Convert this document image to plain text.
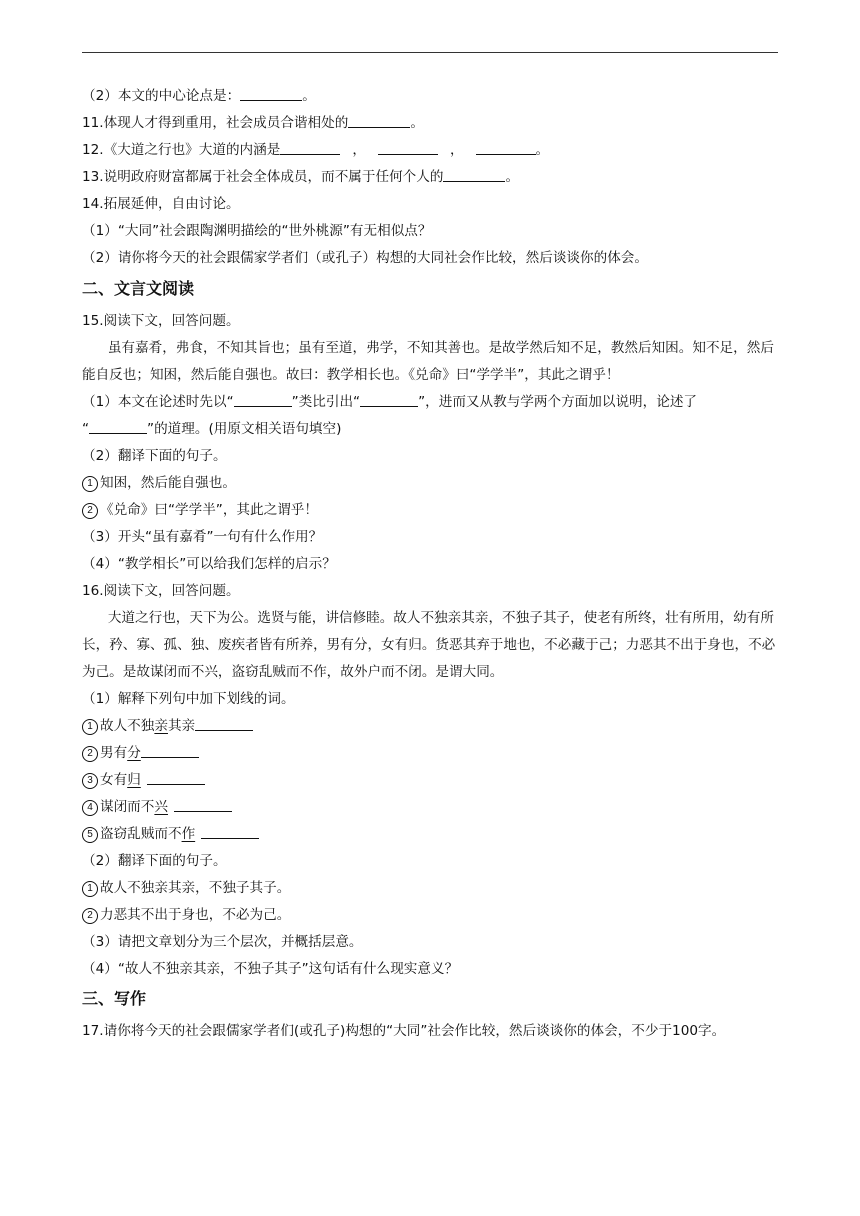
（2）本文的中心论点是：	。
11.体现人才得到重用，社会成员合谐相处的	。
12.《大道之行也》大道的内涵是	，	，	。
13.说明政府财富都属于社会全体成员，而不属于任何个人的	。
14.拓展延伸，自由讨论。
（1）“大同”社会跟陶渊明描绘的“世外桃源”有无相似点？
（2）请你将今天的社会跟儒家学者们（或孔子）构想的大同社会作比较，然后谈谈你的体会。
二、文言文阅读
15.阅读下文，回答问题。
虽有嘉肴，弗食，不知其旨也；虽有至道，弗学，不知其善也。是故学然后知不足，教然后知困。知不足，然后能自反也；知困，然后能自强也。故曰：教学相长也。《兑命》曰“学学半”，其此之谓乎！
（1）本文在论述时先以“	”类比引出“	”，进而又从教与学两个方面加以说明，论述了
“	”的道理。(用原文相关语句填空)
（2）翻译下面的句子。
1 知困，然后能自强也。
2 《兑命》曰“学学半”，其此之谓乎！
（3）开头“虽有嘉肴”一句有什么作用？
（4）“教学相长”可以给我们怎样的启示？
16.阅读下文，回答问题。
大道之行也，天下为公。选贤与能，讲信修睦。故人不独亲其亲，不独子其子，使老有所终，壮有所用，幼有所长，矜、寡、孤、独、废疾者皆有所养，男有分，女有归。货恶其弃于地也，不必藏于己；力恶其不出于身也，不必为己。是故谋闭而不兴，盗窃乱贼而不作，故外户而不闭。是谓大同。
（1）解释下列句中加下划线的词。
1 故人不独亲其亲
2 男有分
3 女有归
4 谋闭而不兴
5 盗窃乱贼而不作
（2）翻译下面的句子。
1 故人不独亲其亲，不独子其子。
2 力恶其不出于身也，不必为己。
（3）请把文章划分为三个层次，并概括层意。
（4）“故人不独亲其亲，不独子其子”这句话有什么现实意义？
三、写作
17.请你将今天的社会跟儒家学者们(或孔子)构想的“大同”社会作比较，然后谈谈你的体会，不少于100字。
